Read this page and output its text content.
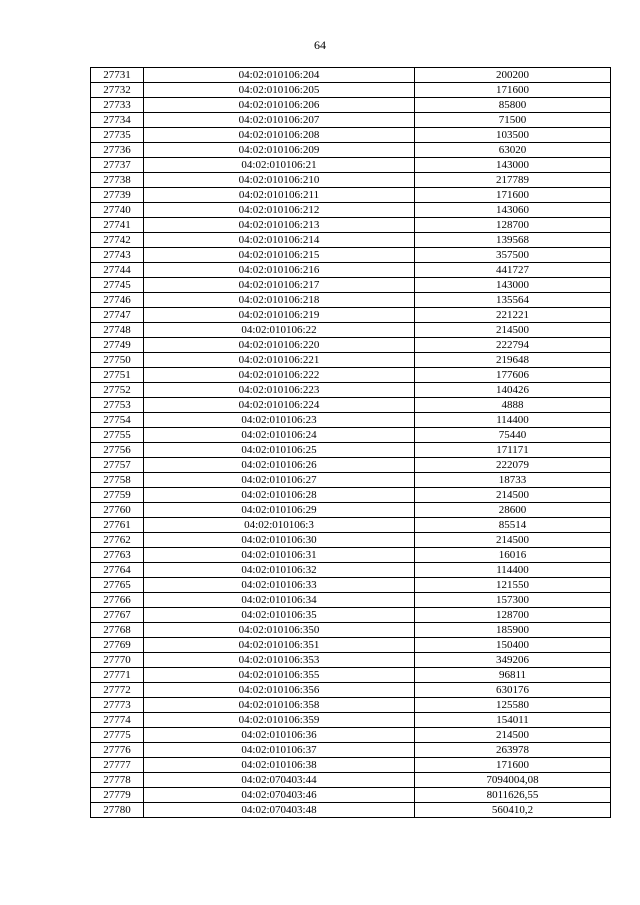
64
27731	04:02:010106:204	200200
27732	04:02:010106:205	171600
27733	04:02:010106:206	85800
27734	04:02:010106:207	71500
27735	04:02:010106:208	103500
27736	04:02:010106:209	63020
27737	04:02:010106:21	143000
27738	04:02:010106:210	217789
27739	04:02:010106:211	171600
27740	04:02:010106:212	143060
27741	04:02:010106:213	128700
27742	04:02:010106:214	139568
27743	04:02:010106:215	357500
27744	04:02:010106:216	441727
27745	04:02:010106:217	143000
27746	04:02:010106:218	135564
27747	04:02:010106:219	221221
27748	04:02:010106:22	214500
27749	04:02:010106:220	222794
27750	04:02:010106:221	219648
27751	04:02:010106:222	177606
27752	04:02:010106:223	140426
27753	04:02:010106:224	4888
27754	04:02:010106:23	114400
27755	04:02:010106:24	75440
27756	04:02:010106:25	171171
27757	04:02:010106:26	222079
27758	04:02:010106:27	18733
27759	04:02:010106:28	214500
27760	04:02:010106:29	28600
27761	04:02:010106:3	85514
27762	04:02:010106:30	214500
27763	04:02:010106:31	16016
27764	04:02:010106:32	114400
27765	04:02:010106:33	121550
27766	04:02:010106:34	157300
27767	04:02:010106:35	128700
27768	04:02:010106:350	185900
27769	04:02:010106:351	150400
27770	04:02:010106:353	349206
27771	04:02:010106:355	96811
27772	04:02:010106:356	630176
27773	04:02:010106:358	125580
27774	04:02:010106:359	154011
27775	04:02:010106:36	214500
27776	04:02:010106:37	263978
27777	04:02:010106:38	171600
27778	04:02:070403:44	7094004,08
27779	04:02:070403:46	8011626,55
27780	04:02:070403:48	560410,2
